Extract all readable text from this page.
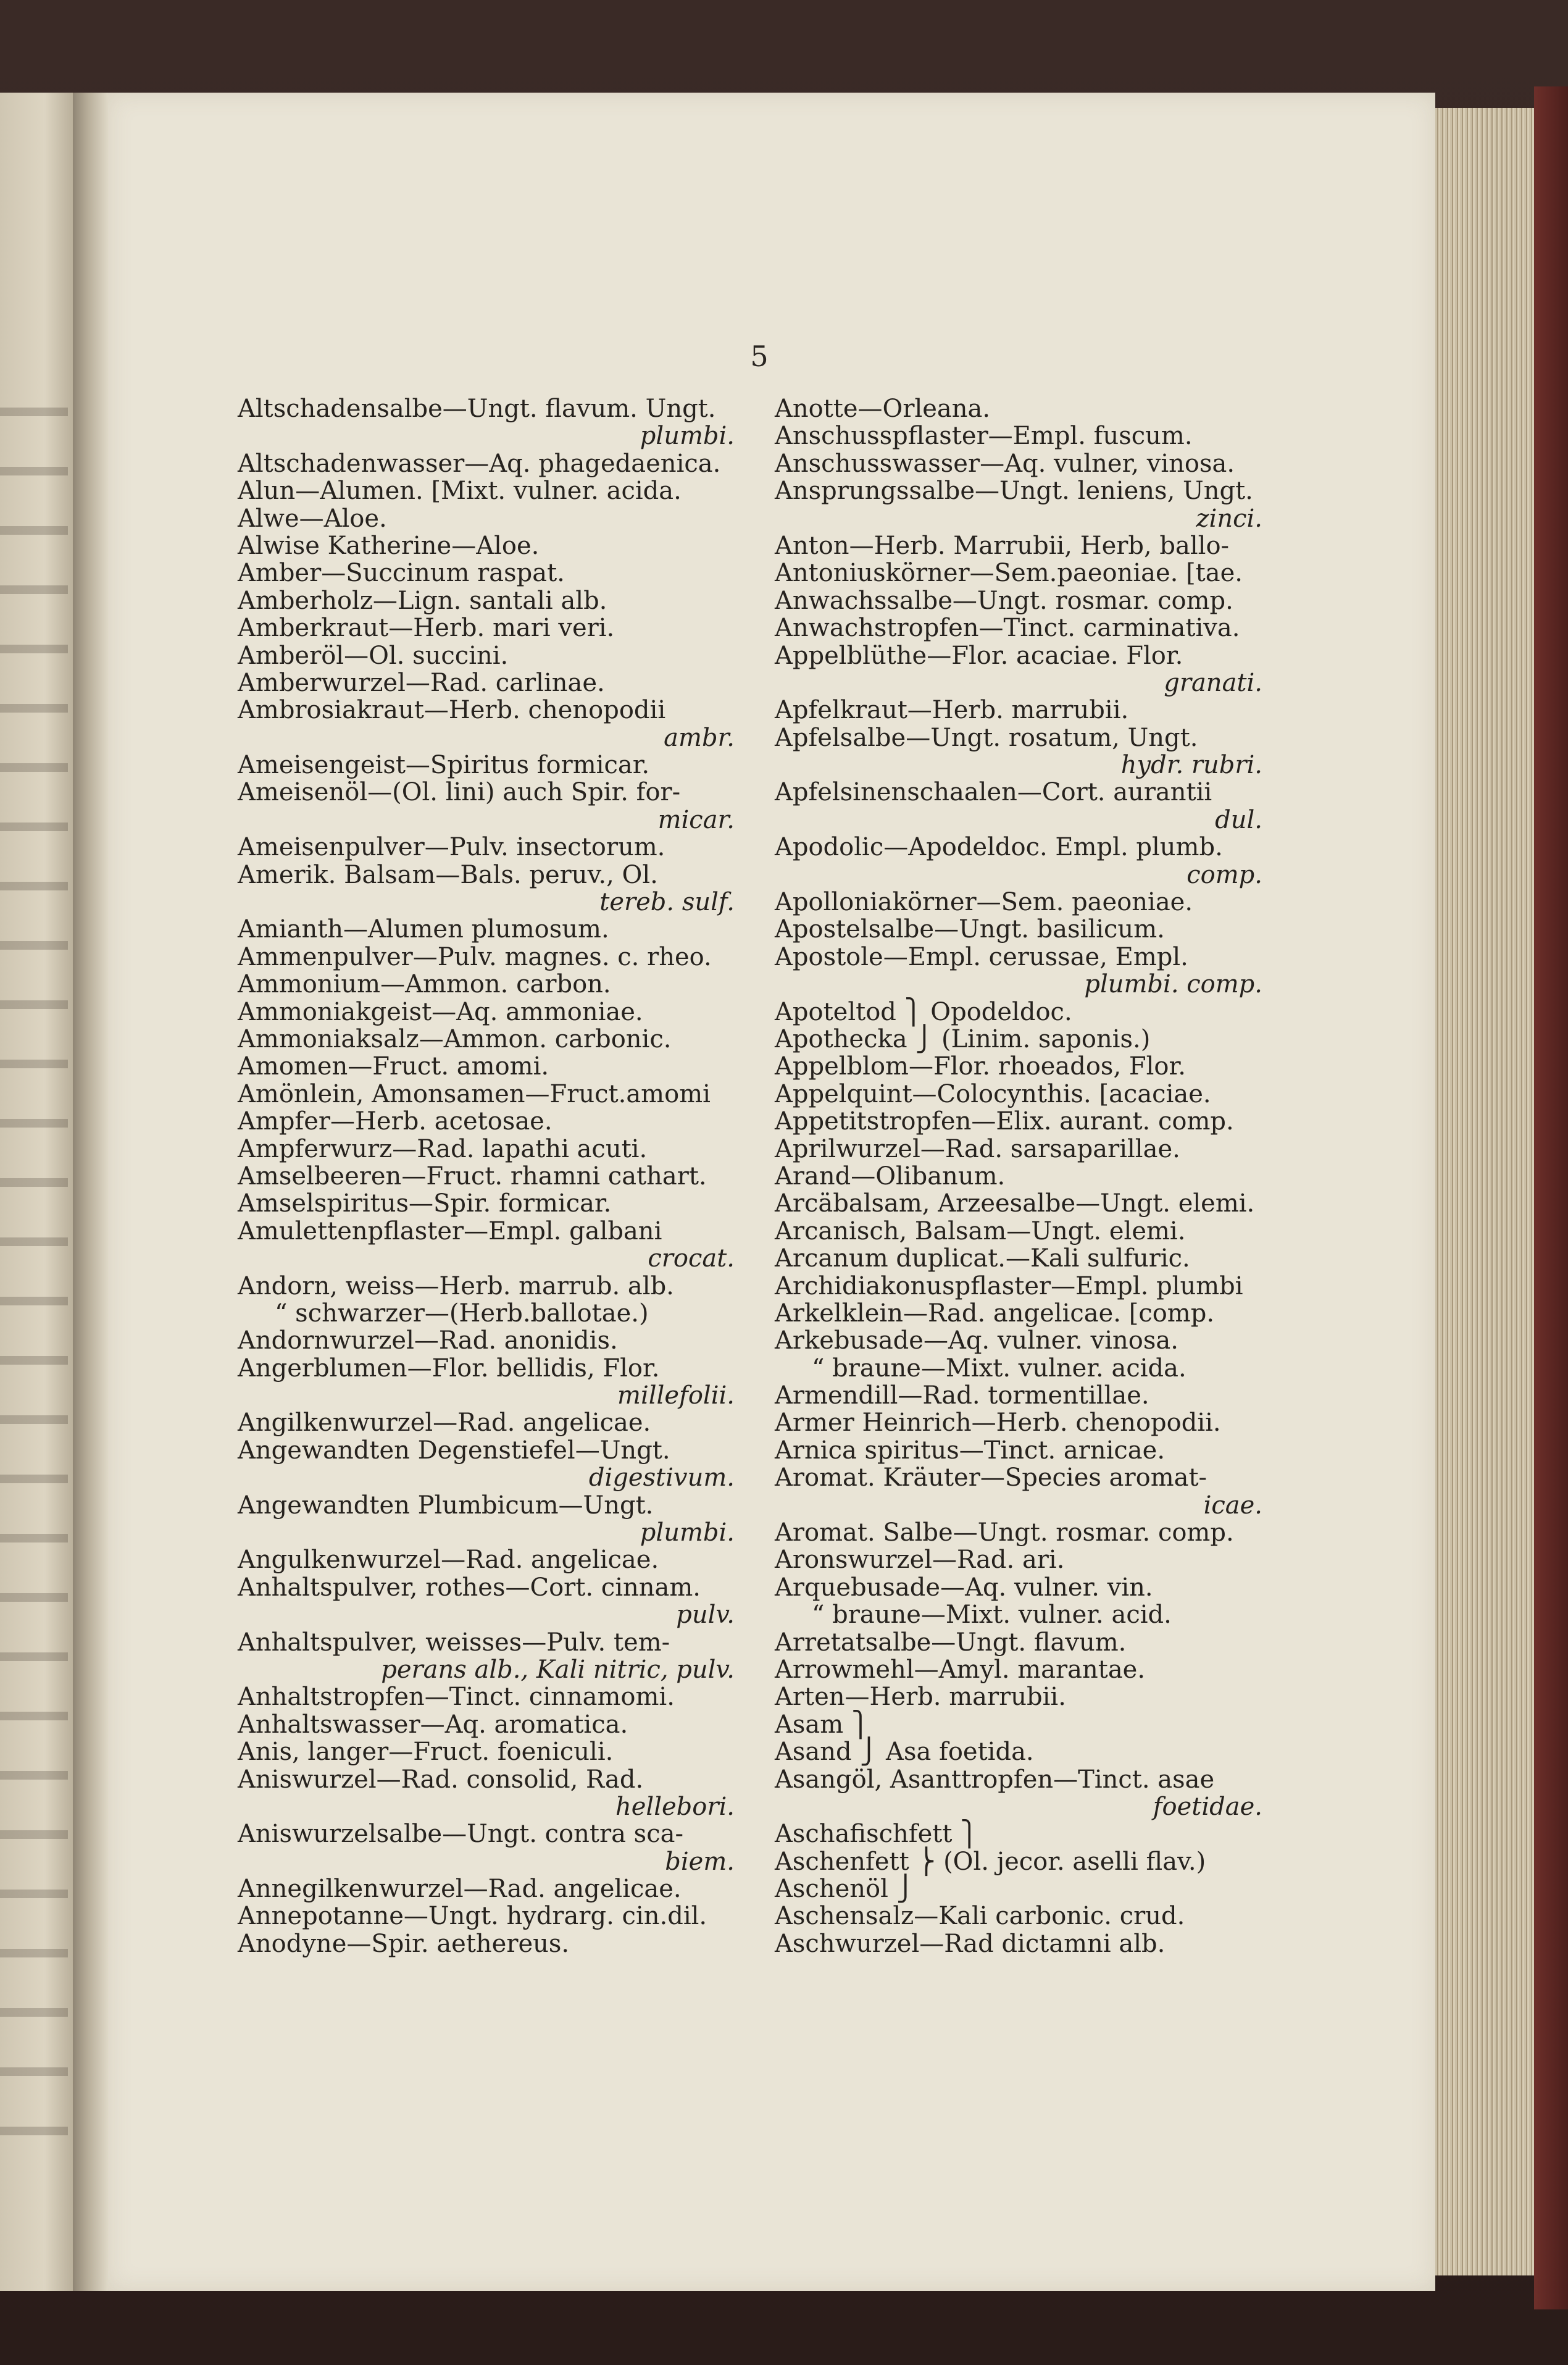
5
Altschadensalbe—Ungt. flavum. Ungt.
plumbi.
Altschadenwasser—Aq. phagedaenica.
Alun—Alumen. [Mixt. vulner. acida.
Alwe—Aloe.
Alwise Katherine—Aloe.
Amber—Succinum raspat.
Amberholz—Lign. santali alb.
Amberkraut—Herb. mari veri.
Amberöl—Ol. succini.
Amberwurzel—Rad. carlinae.
Ambrosiakraut—Herb. chenopodii
ambr.
Ameisengeist—Spiritus formicar.
Ameisenöl—(Ol. lini) auch Spir. for-
micar.
Ameisenpulver—Pulv. insectorum.
Amerik. Balsam—Bals. peruv., Ol.
tereb. sulf.
Amianth—Alumen plumosum.
Ammenpulver—Pulv. magnes. c. rheo.
Ammonium—Ammon. carbon.
Ammoniakgeist—Aq. ammoniae.
Ammoniaksalz—Ammon. carbonic.
Amomen—Fruct. amomi.
Amönlein, Amonsamen—Fruct.amomi
Ampfer—Herb. acetosae.
Ampferwurz—Rad. lapathi acuti.
Amselbeeren—Fruct. rhamni cathart.
Amselspiritus—Spir. formicar.
Amulettenpflaster—Empl. galbani
crocat.
Andorn, weiss—Herb. marrub. alb.
“ schwarzer—(Herb.ballotae.)
Andornwurzel—Rad. anonidis.
Angerblumen—Flor. bellidis, Flor.
millefolii.
Angilkenwurzel—Rad. angelicae.
Angewandten Degenstiefel—Ungt.
digestivum.
Angewandten Plumbicum—Ungt.
plumbi.
Angulkenwurzel—Rad. angelicae.
Anhaltspulver, rothes—Cort. cinnam.
pulv.
Anhaltspulver, weisses—Pulv. tem-
perans alb., Kali nitric, pulv.
Anhaltstropfen—Tinct. cinnamomi.
Anhaltswasser—Aq. aromatica.
Anis, langer—Fruct. foeniculi.
Aniswurzel—Rad. consolid, Rad.
hellebori.
Aniswurzelsalbe—Ungt. contra sca-
biem.
Annegilkenwurzel—Rad. angelicae.
Annepotanne—Ungt. hydrarg. cin.dil.
Anodyne—Spir. aethereus.
Anotte—Orleana.
Anschusspflaster—Empl. fuscum.
Anschusswasser—Aq. vulner, vinosa.
Ansprungssalbe—Ungt. leniens, Ungt.
zinci.
Anton—Herb. Marrubii, Herb, ballo-
Antoniuskörner—Sem.paeoniae. [tae.
Anwachssalbe—Ungt. rosmar. comp.
Anwachstropfen—Tinct. carminativa.
Appelblüthe—Flor. acaciae. Flor.
granati.
Apfelkraut—Herb. marrubii.
Apfelsalbe—Ungt. rosatum, Ungt.
hydr. rubri.
Apfelsinenschaalen—Cort. aurantii
dul.
Apodolic—Apodeldoc. Empl. plumb.
comp.
Apolloniakörner—Sem. paeoniae.
Apostelsalbe—Ungt. basilicum.
Apostole—Empl. cerussae, Empl.
plumbi. comp.
Apoteltod ⎫ Opodeldoc.
Apothecka ⎭ (Linim. saponis.)
Appelblom—Flor. rhoeados, Flor.
Appelquint—Colocynthis. [acaciae.
Appetitstropfen—Elix. aurant. comp.
Aprilwurzel—Rad. sarsaparillae.
Arand—Olibanum.
Arcäbalsam, Arzeesalbe—Ungt. elemi.
Arcanisch, Balsam—Ungt. elemi.
Arcanum duplicat.—Kali sulfuric.
Archidiakonuspflaster—Empl. plumbi
Arkelklein—Rad. angelicae. [comp.
Arkebusade—Aq. vulner. vinosa.
“ braune—Mixt. vulner. acida.
Armendill—Rad. tormentillae.
Armer Heinrich—Herb. chenopodii.
Arnica spiritus—Tinct. arnicae.
Aromat. Kräuter—Species aromat-
icae.
Aromat. Salbe—Ungt. rosmar. comp.
Aronswurzel—Rad. ari.
Arquebusade—Aq. vulner. vin.
“ braune—Mixt. vulner. acid.
Arretatsalbe—Ungt. flavum.
Arrowmehl—Amyl. marantae.
Arten—Herb. marrubii.
Asam ⎫
Asand ⎭ Asa foetida.
Asangöl, Asanttropfen—Tinct. asae
foetidae.
Aschafischfett ⎫
Aschenfett ⎬ (Ol. jecor. aselli flav.)
Aschenöl ⎭
Aschensalz—Kali carbonic. crud.
Aschwurzel—Rad dictamni alb.
